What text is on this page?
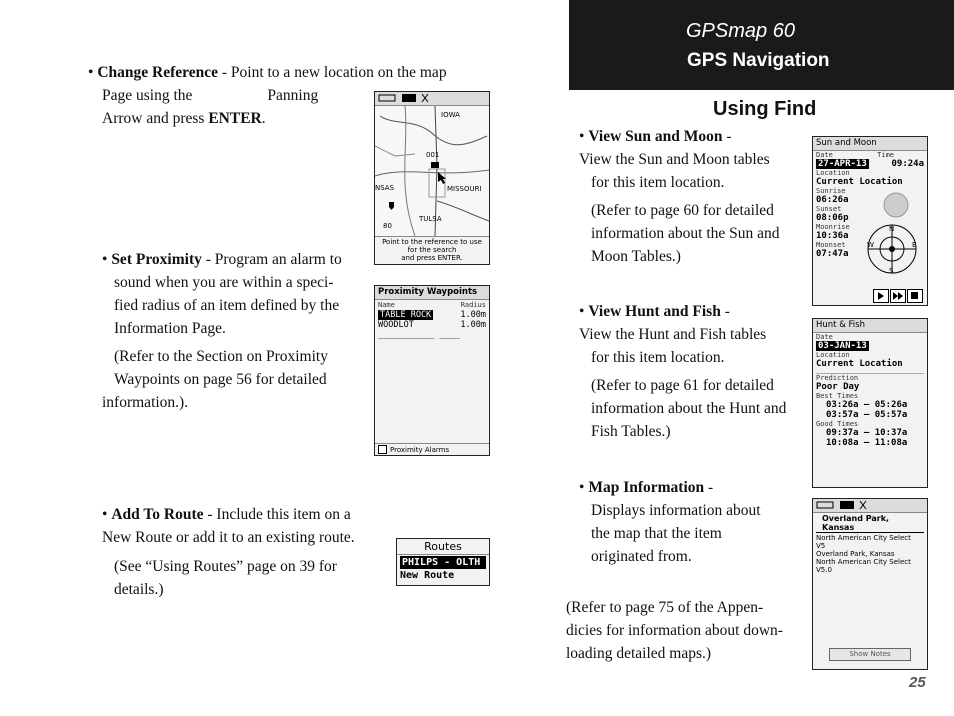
GPSmap 60
GPS Navigation
Using Find
• Change Reference - Point to a new location on the map
Page using the	Panning
Arrow and press ENTER.	IOWA
MISSOURI
NSAS
TULSA
80
001
Point to the reference to use
for the search
and press ENTER.
• Set Proximity - Program an alarm to
sound when you are within a speci-
fied radius of an item defined by the
Information Page.
(Refer to the Section on Proximity
Waypoints on page 56 for detailed
information.).
Proximity Waypoints
Name	Radius
TABLE ROCK	1.00m
WOODLOT	1.00m
___________ ____
Proximity Alarms
• Add To Route - Include this item on a
New Route or add it to an existing route.
(See “Using Routes” page on 39 for
details.)
Routes
PHILPS - OLTH
New Route
• View Sun and Moon -
View the Sun and Moon tables
for this item location.
(Refer to page 60 for detailed
information about the Sun and
Moon Tables.)
Sun and Moon
Date	Time
27-APR-13	09:24a
Location
Current Location
Sunrise
06:26a
Sunset
08:06p
Moonrise
10:36a
Moonset
07:47a
N
S
E
W
• View Hunt and Fish -
View the Hunt and Fish tables
for this item location.
(Refer to page 61 for detailed
information about the Hunt and
Fish Tables.)
Hunt & Fish
Date
03-JAN-13
Location
Current Location
Prediction
Poor Day
Best Times
03:26a — 05:26a
03:57a — 05:57a
Good Times
09:37a — 10:37a
10:08a — 11:08a
• Map Information -
Displays information about
the map that the item
originated from.
(Refer to page 75 of the Appen-
dicies for information about down-
loading detailed maps.)
Overland Park, Kansas
North American City Select
V5
Overland Park, Kansas
North American City Select
V5.0
Show Notes
25
